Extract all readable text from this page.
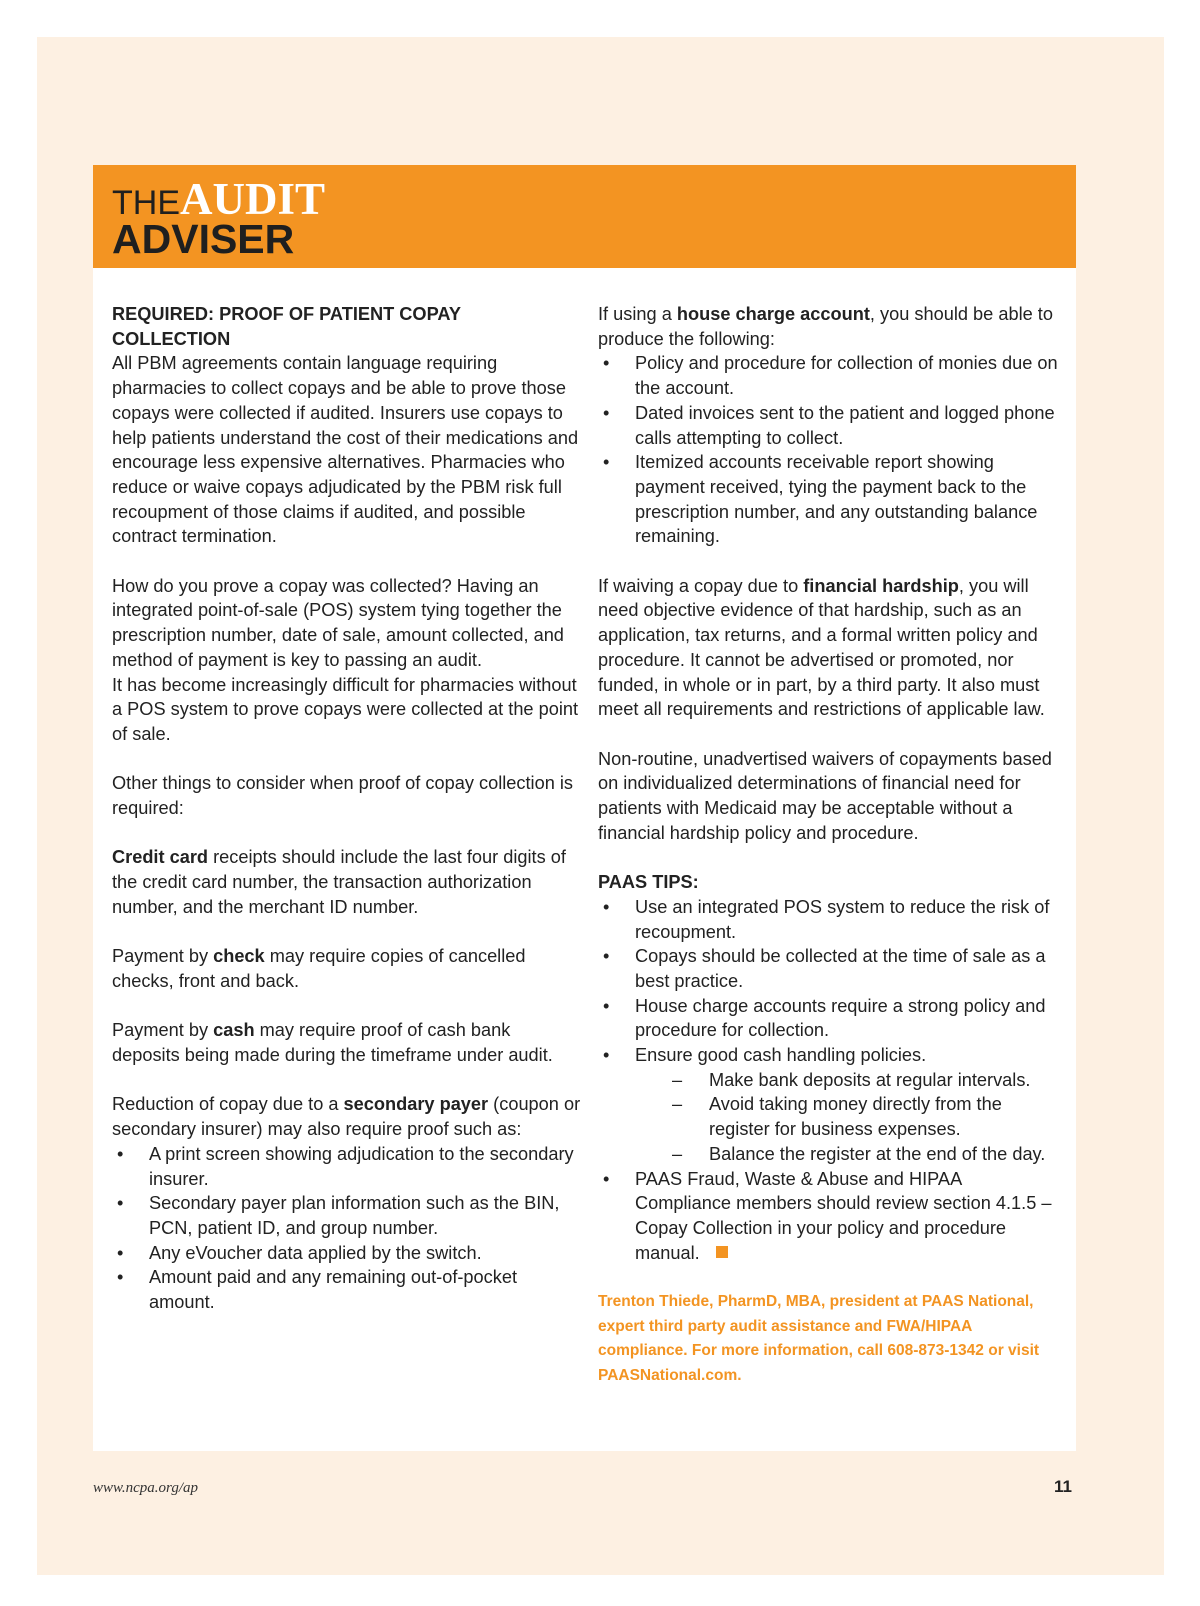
THEAUDIT
ADVISER
REQUIRED: PROOF OF PATIENT COPAY COLLECTION

All PBM agreements contain language requiring pharmacies to collect copays and be able to prove those copays were collected if audited. Insurers use copays to help patients understand the cost of their medications and encourage less expensive alternatives. Pharmacies who reduce or waive copays adjudicated by the PBM risk full recoupment of those claims if audited, and possible contract termination.

How do you prove a copay was collected? Having an integrated point-of-sale (POS) system tying together the prescription number, date of sale, amount collected, and method of payment is key to passing an audit.

It has become increasingly difficult for pharmacies without a POS system to prove copays were collected at the point of sale.

Other things to consider when proof of copay collection is required:

Credit card receipts should include the last four digits of the credit card number, the transaction authorization number, and the merchant ID number.

Payment by check may require copies of cancelled checks, front and back.

Payment by cash may require proof of cash bank deposits being made during the timeframe under audit.

Reduction of copay due to a secondary payer (coupon or secondary insurer) may also require proof such as:

• A print screen showing adjudication to the secondary insurer.
• Secondary payer plan information such as the BIN, PCN, patient ID, and group number.
• Any eVoucher data applied by the switch.
• Amount paid and any remaining out-of-pocket amount.

If using a house charge account, you should be able to produce the following:

• Policy and procedure for collection of monies due on the account.
• Dated invoices sent to the patient and logged phone calls attempting to collect.
• Itemized accounts receivable report showing payment received, tying the payment back to the prescription number, and any outstanding balance remaining.

If waiving a copay due to financial hardship, you will need objective evidence of that hardship, such as an application, tax returns, and a formal written policy and procedure. It cannot be advertised or promoted, nor funded, in whole or in part, by a third party. It also must meet all requirements and restrictions of applicable law.

Non-routine, unadvertised waivers of copayments based on individualized determinations of financial need for patients with Medicaid may be acceptable without a financial hardship policy and procedure.

PAAS TIPS:
• Use an integrated POS system to reduce the risk of recoupment.
• Copays should be collected at the time of sale as a best practice.
• House charge accounts require a strong policy and procedure for collection.
• Ensure good cash handling policies.
– Make bank deposits at regular intervals.
– Avoid taking money directly from the register for business expenses.
– Balance the register at the end of the day.
• PAAS Fraud, Waste & Abuse and HIPAA Compliance members should review section 4.1.5 – Copay Collection in your policy and procedure manual.
Trenton Thiede, PharmD, MBA, president at PAAS National, expert third party audit assistance and FWA/HIPAA compliance. For more information, call 608-873-1342 or visit PAASNational.com.
www.ncpa.org/ap	11
